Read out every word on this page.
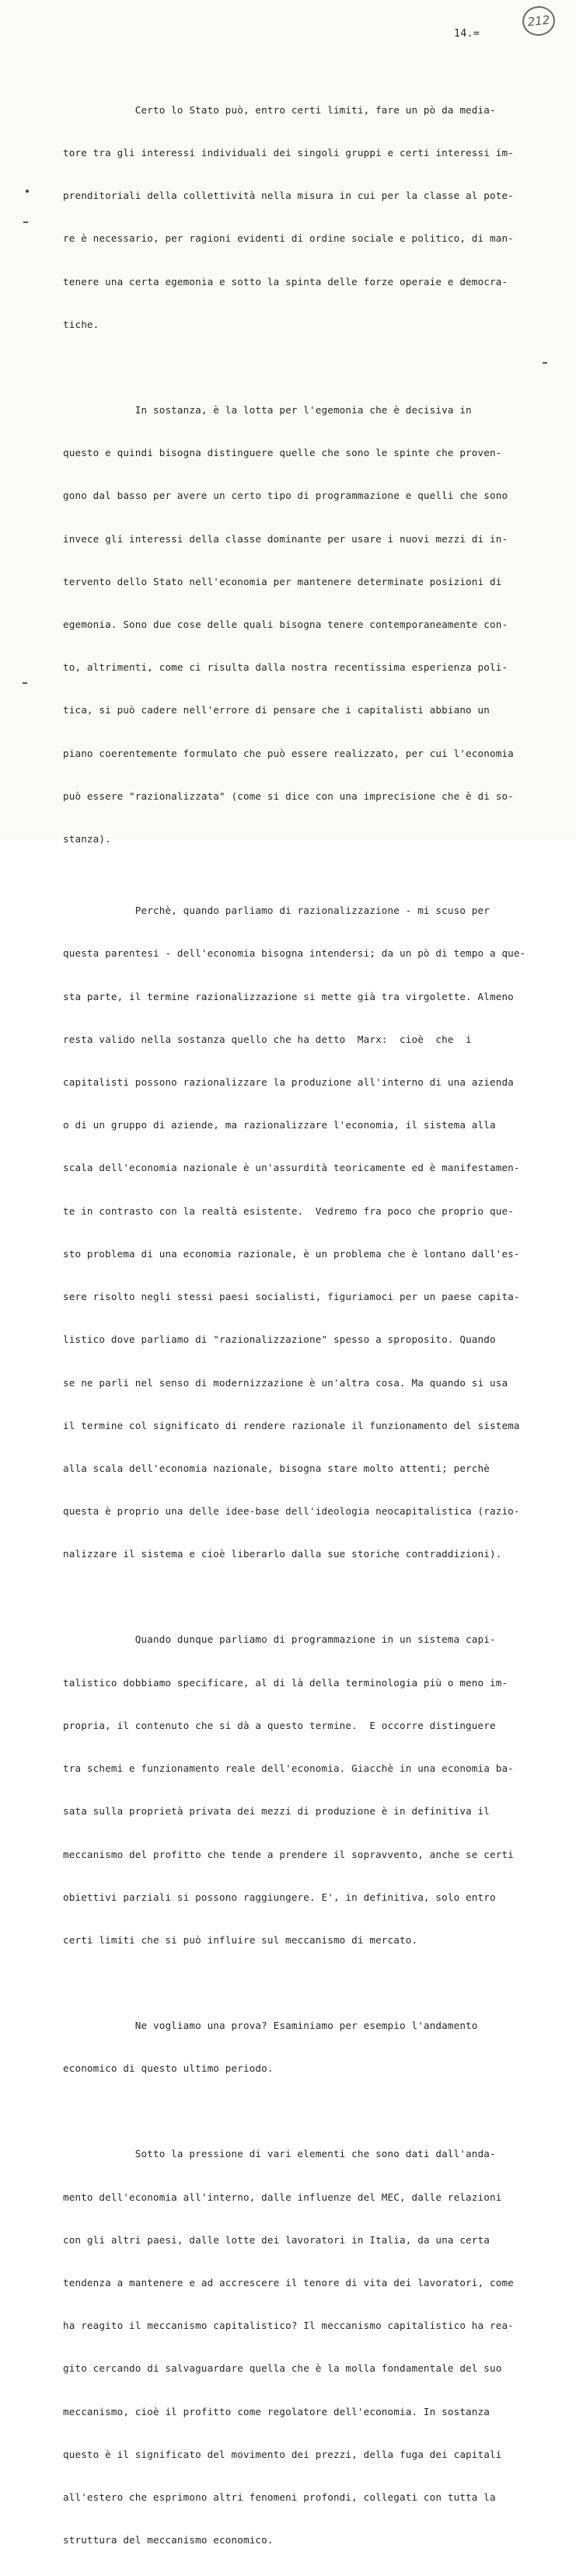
212
14.=

Certo lo Stato può, entro certi limiti, fare un pò da media-

tore tra gli interessi individuali dei singoli gruppi e certi interessi im-

prenditoriali della collettività nella misura in cui per la classe al pote-

re è necessario, per ragioni evidenti di ordine sociale e politico, di man-

tenere una certa egemonia e sotto la spinta delle forze operaie e democra-

tiche.

In sostanza, è la lotta per l'egemonia che è decisiva in

questo e quindi bisogna distinguere quelle che sono le spinte che proven-

gono dal basso per avere un certo tipo di programmazione e quelli che sono

invece gli interessi della classe dominante per usare i nuovi mezzi di in-

tervento dello Stato nell'economia per mantenere determinate posizioni di

egemonia. Sono due cose delle quali bisogna tenere contemporaneamente con-

to, altrimenti, come ci risulta dalla nostra recentissima esperienza poli-

tica, si può cadere nell'errore di pensare che i capitalisti abbiano un

piano coerentemente formulato che può essere realizzato, per cui l'economia

può essere "razionalizzata" (come si dice con una imprecisione che è di so-

stanza).

Perchè, quando parliamo di razionalizzazione - mi scuso per

questa parentesi - dell'economia bisogna intendersi; da un pò di tempo a que-

sta parte, il termine razionalizzazione si mette già tra virgolette. Almeno

resta valido nella sostanza quello che ha detto  Marx:  cioè  che  i

capitalisti possono razionalizzare la produzione all'interno di una azienda

o di un gruppo di aziende, ma razionalizzare l'economia, il sistema alla

scala dell'economia nazionale è un'assurdità teoricamente ed è manifestamen-

te in contrasto con la realtà esistente.  Vedremo fra poco che proprio que-

sto problema di una economia razionale, è un problema che è lontano dall'es-

sere risolto negli stessi paesi socialisti, figuriamoci per un paese capita-

listico dove parliamo di "razionalizzazione" spesso a sproposito. Quando

se ne parli nel senso di modernizzazione è un'altra cosa. Ma quando si usa

il termine col significato di rendere razionale il funzionamento del sistema

alla scala dell'economia nazionale, bisogna stare molto attenti; perchè

questa è proprio una delle idee-base dell'ideologia neocapitalistica (razio-

nalizzare il sistema e cioè liberarlo dalla sue storiche contraddizioni).

Quando dunque parliamo di programmazione in un sistema capi-

talistico dobbiamo specificare, al di là della terminologia più o meno im-

propria, il contenuto che si dà a questo termine.  E occorre distinguere

tra schemi e funzionamento reale dell'economia. Giacchè in una economia ba-

sata sulla proprietà privata dei mezzi di produzione è in definitiva il

meccanismo del profitto che tende a prendere il sopravvento, anche se certi

obiettivi parziali si possono raggiungere. E', in definitiva, solo entro

certi limiti che si può influire sul meccanismo di mercato.

Ne vogliamo una prova? Esaminiamo per esempio l'andamento

economico di questo ultimo periodo.

Sotto la pressione di vari elementi che sono dati dall'anda-

mento dell'economia all'interno, dalle influenze del MEC, dalle relazioni

con gli altri paesi, dalle lotte dei lavoratori in Italia, da una certa

tendenza a mantenere e ad accrescere il tenore di vita dei lavoratori, come

ha reagito il meccanismo capitalistico? Il meccanismo capitalistico ha rea-

gito cercando di salvaguardare quella che è la molla fondamentale del suo

meccanismo, cioè il profitto come regolatore dell'economia. In sostanza

questo è il significato del movimento dei prezzi, della fuga dei capitali

all'estero che esprimono altri fenomeni profondi, collegati con tutta la

struttura del meccanismo economico.
